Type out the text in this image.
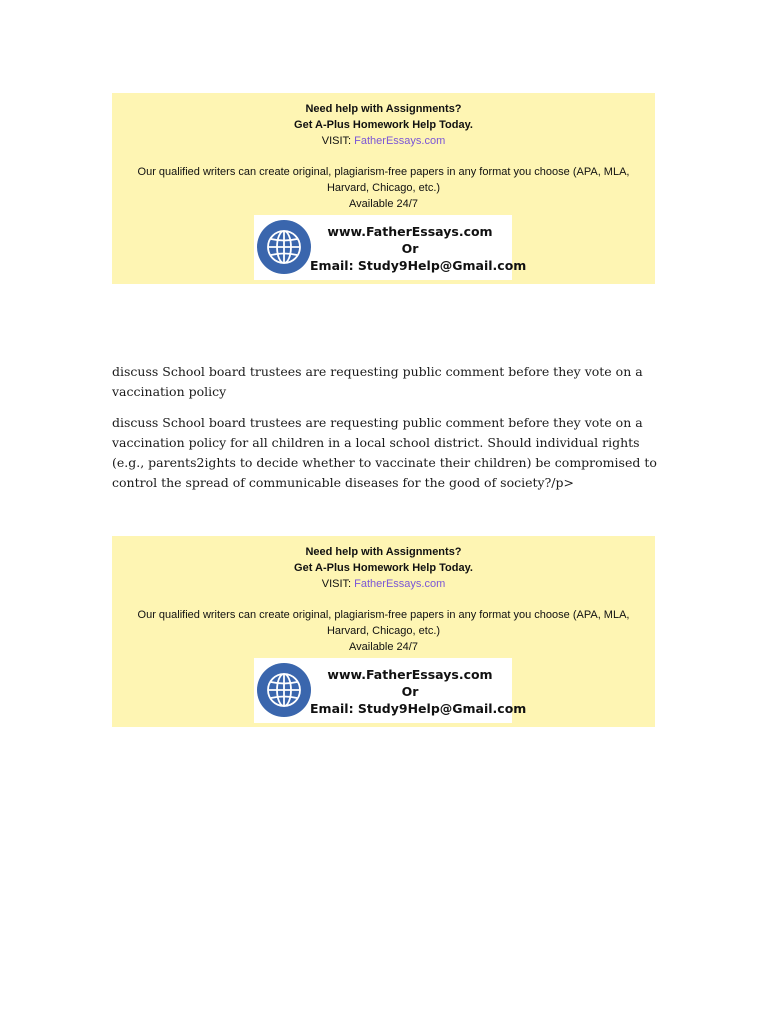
Need help with Assignments?
Get A-Plus Homework Help Today.
VISIT: FatherEssays.com
Our qualified writers can create original, plagiarism-free papers in any format you choose (APA, MLA, Harvard, Chicago, etc.)
Available 24/7
www.FatherEssays.com
Or
Email: Study9Help@Gmail.com

discuss School board trustees are requesting public comment before they vote on a vaccination policy

discuss School board trustees are requesting public comment before they vote on a vaccination policy for all children in a local school district. Should individual rights (e.g., parents2ights to decide whether to vaccinate their children) be compromised to control the spread of communicable diseases for the good of society?/p>

Need help with Assignments?
Get A-Plus Homework Help Today.
VISIT: FatherEssays.com
Our qualified writers can create original, plagiarism-free papers in any format you choose (APA, MLA, Harvard, Chicago, etc.)
Available 24/7
www.FatherEssays.com
Or
Email: Study9Help@Gmail.com
